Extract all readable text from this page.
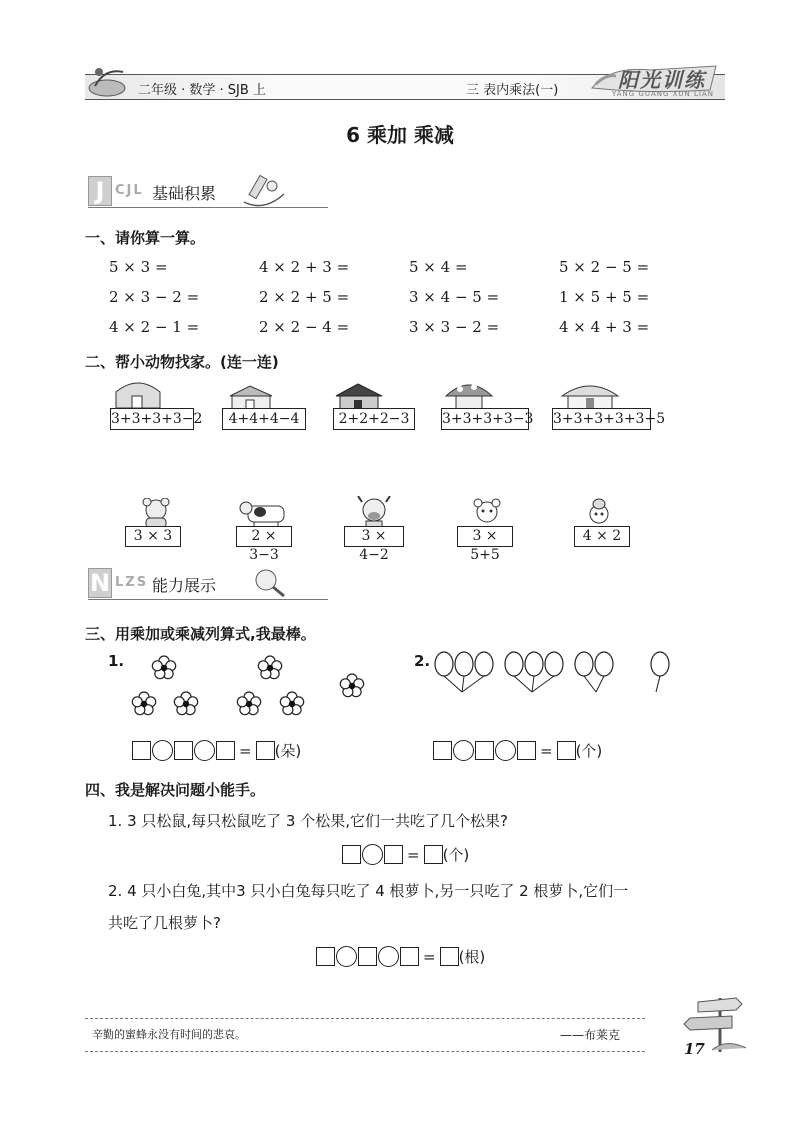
二年级 · 数学 · SJB 上	三 表内乘法(一)	阳光训练
YANG GUANG XUN LIAN
6 乘加 乘减
J CJL 基础积累
一、请你算一算。
5 × 3 =	4 × 2 + 3 =	5 × 4 =	5 × 2 − 5 =
2 × 3 − 2 =	2 × 2 + 5 =	3 × 4 − 5 =	1 × 5 + 5 =
4 × 2 − 1 =	2 × 2 − 4 =	3 × 3 − 2 =	4 × 4 + 3 =
二、帮小动物找家。(连一连)
3+3+3+3−2	4+4+4−4	2+2+2−3	3+3+3+3−3 3+3+3+3+3+5
3 × 3	2 × 3−3
3 × 4−2
3 × 5+5
4 × 2
N LZS 能力展示
三、用乘加或乘减列算式,我最棒。
1.	2.
= (朵)	= (个)
四、我是解决问题小能手。
1. 3 只松鼠,每只松鼠吃了 3 个松果,它们一共吃了几个松果?
= (个)
2. 4 只小白兔,其中3 只小白兔每只吃了 4 根萝卜,另一只吃了 2 根萝卜,它们一
共吃了几根萝卜?
= (根)
辛勤的蜜蜂永没有时间的悲哀。	——布莱克
17
